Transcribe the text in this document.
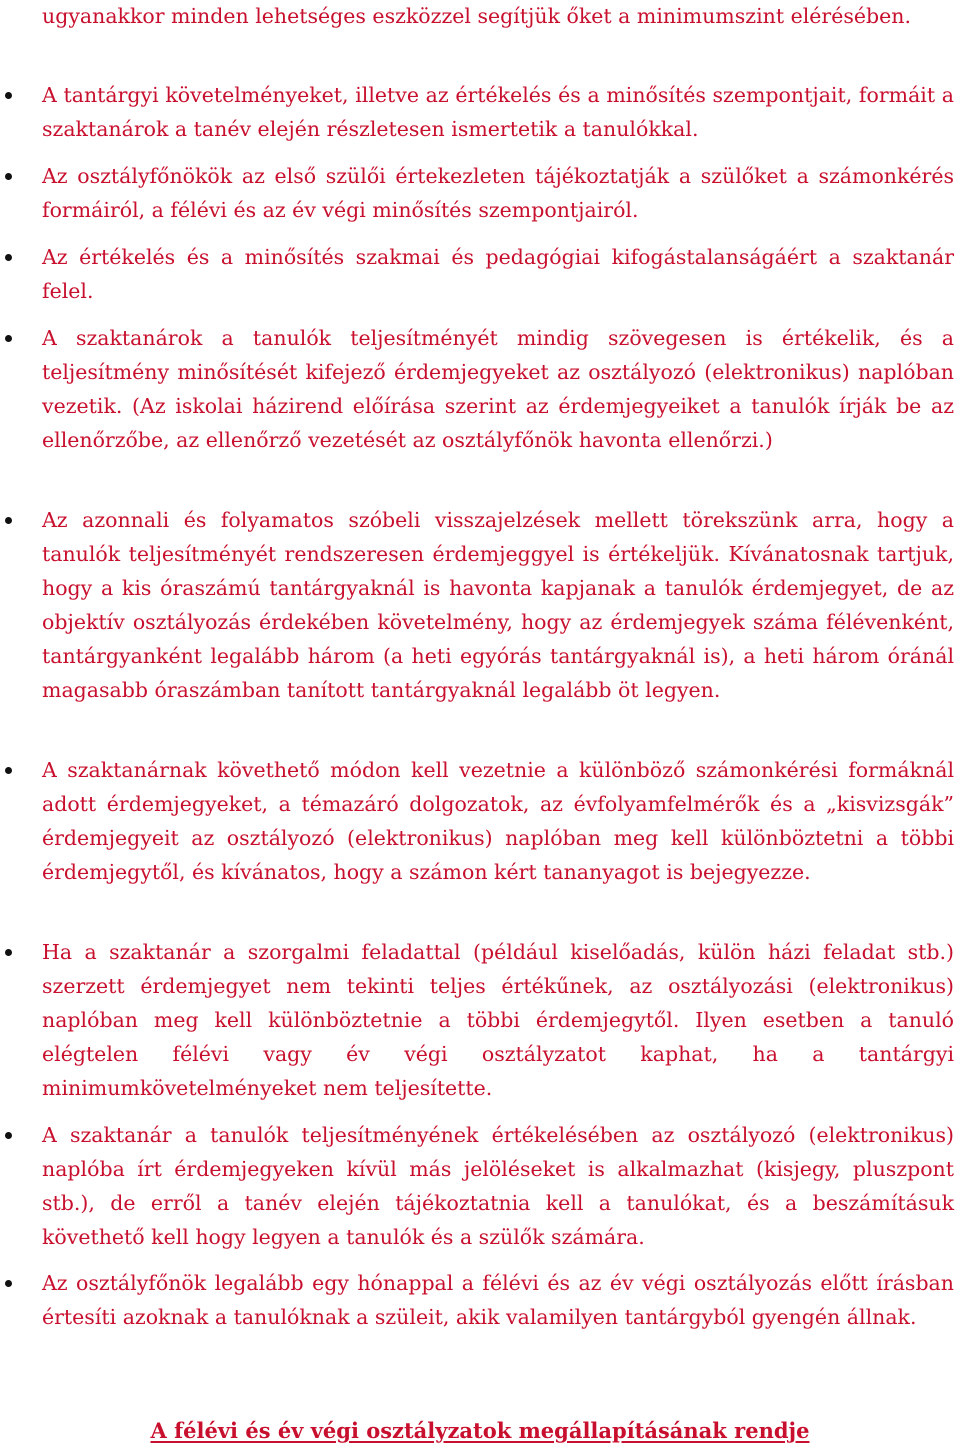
ugyanakkor minden lehetséges eszközzel segítjük őket a minimumszint elérésében.

A tantárgyi követelményeket, illetve az értékelés és a minősítés szempontjait, formáit a szaktanárok a tanév elején részletesen ismertetik a tanulókkal.

Az osztályfőnökök az első szülői értekezleten tájékoztatják a szülőket a számonkérés formáiról, a félévi és az év végi minősítés szempontjairól.

Az értékelés és a minősítés szakmai és pedagógiai kifogástalanságáért a szaktanár felel.

A szaktanárok a tanulók teljesítményét mindig szövegesen is értékelik, és a teljesítmény minősítését kifejező érdemjegyeket az osztályozó (elektronikus) naplóban vezetik. (Az iskolai házirend előírása szerint az érdemjegyeiket a tanulók írják be az ellenőrzőbe, az ellenőrző vezetését az osztályfőnök havonta ellenőrzi.)

Az azonnali és folyamatos szóbeli visszajelzések mellett törekszünk arra, hogy a tanulók teljesítményét rendszeresen érdemjeggyel is értékeljük. Kívánatosnak tartjuk, hogy a kis óraszámú tantárgyaknál is havonta kapjanak a tanulók érdemjegyet, de az objektív osztályozás érdekében követelmény, hogy az érdemjegyek száma félévenként, tantárgyanként legalább három (a heti egyórás tantárgyaknál is), a heti három óránál magasabb óraszámban tanított tantárgyaknál legalább öt legyen.

A szaktanárnak követhető módon kell vezetnie a különböző számonkérési formáknál adott érdemjegyeket, a témazáró dolgozatok, az évfolyamfelmérők és a „kisvizsgák” érdemjegyeit az osztályozó (elektronikus) naplóban meg kell különböztetni a többi érdemjegytől, és kívánatos, hogy a számon kért tananyagot is bejegyezze.

Ha a szaktanár a szorgalmi feladattal (például kiselőadás, külön házi feladat stb.) szerzett érdemjegyet nem tekinti teljes értékűnek, az osztályozási (elektronikus) naplóban meg kell különböztetnie a többi érdemjegytől. Ilyen esetben a tanuló elégtelen félévi vagy év végi osztályzatot kaphat, ha a tantárgyi minimumkövetelményeket nem teljesítette.

A szaktanár a tanulók teljesítményének értékelésében az osztályozó (elektronikus) naplóba írt érdemjegyeken kívül más jelöléseket is alkalmazhat (kisjegy, pluszpont stb.), de erről a tanév elején tájékoztatnia kell a tanulókat, és a beszámításuk követhető kell hogy legyen a tanulók és a szülők számára.

Az osztályfőnök legalább egy hónappal a félévi és az év végi osztályozás előtt írásban értesíti azoknak a tanulóknak a szüleit, akik valamilyen tantárgyból gyengén állnak.

A félévi és év végi osztályzatok megállapításának rendje
